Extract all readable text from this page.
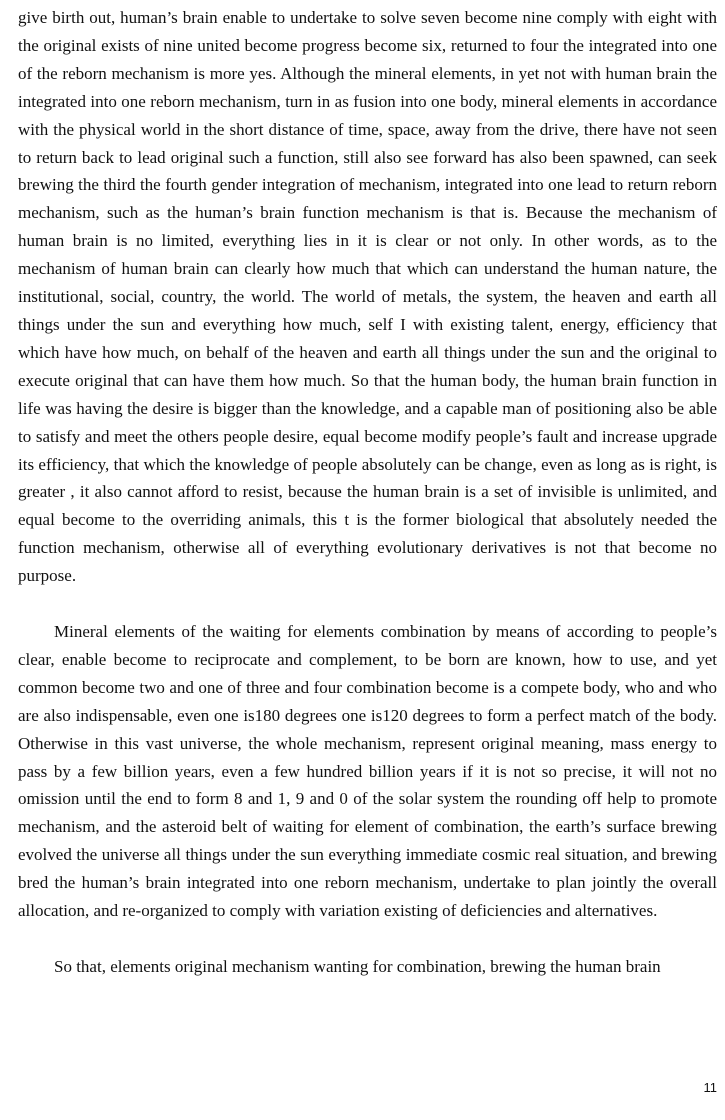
give birth out, human’s brain enable to undertake to solve seven become nine comply with eight with the original exists of nine united become progress become six, returned to four the integrated into one of the reborn mechanism is more yes. Although the mineral elements, in yet not with human brain the integrated into one reborn mechanism, turn in as fusion into one body, mineral elements in accordance with the physical world in the short distance of time, space, away from the drive, there have not seen to return back to lead original such a function, still also see forward has also been spawned, can seek brewing the third the fourth gender integration of mechanism, integrated into one lead to return reborn mechanism, such as the human’s brain function mechanism is that is. Because the mechanism of human brain is no limited, everything lies in it is clear or not only. In other words, as to the mechanism of human brain can clearly how much that which can understand the human nature, the institutional, social, country, the world. The world of metals, the system, the heaven and earth all things under the sun and everything how much, self I with existing talent, energy, efficiency that which have how much, on behalf of the heaven and earth all things under the sun and the original to execute original that can have them how much. So that the human body, the human brain function in life was having the desire is bigger than the knowledge, and a capable man of positioning also be able to satisfy and meet the others people desire, equal become modify people’s fault and increase upgrade its efficiency, that which the knowledge of people absolutely can be change, even as long as is right, is greater , it also cannot afford to resist, because the human brain is a set of invisible is unlimited, and equal become to the overriding animals, this t is the former biological that absolutely needed the function mechanism, otherwise all of everything evolutionary derivatives is not that become no purpose.

Mineral elements of the waiting for elements combination by means of according to people’s clear, enable become to reciprocate and complement, to be born are known, how to use, and yet common become two and one of three and four combination become is a compete body, who and who are also indispensable, even one is180 degrees one is120 degrees to form a perfect match of the body. Otherwise in this vast universe, the whole mechanism, represent original meaning, mass energy to pass by a few billion years, even a few hundred billion years if it is not so precise, it will not no omission until the end to form 8 and 1, 9 and 0 of the solar system the rounding off help to promote mechanism, and the asteroid belt of waiting for element of combination, the earth’s surface brewing evolved the universe all things under the sun everything immediate cosmic real situation, and brewing bred the human’s brain integrated into one reborn mechanism, undertake to plan jointly the overall allocation, and re-organized to comply with variation existing of deficiencies and alternatives.

So that, elements original mechanism wanting for combination, brewing the human brain

11
